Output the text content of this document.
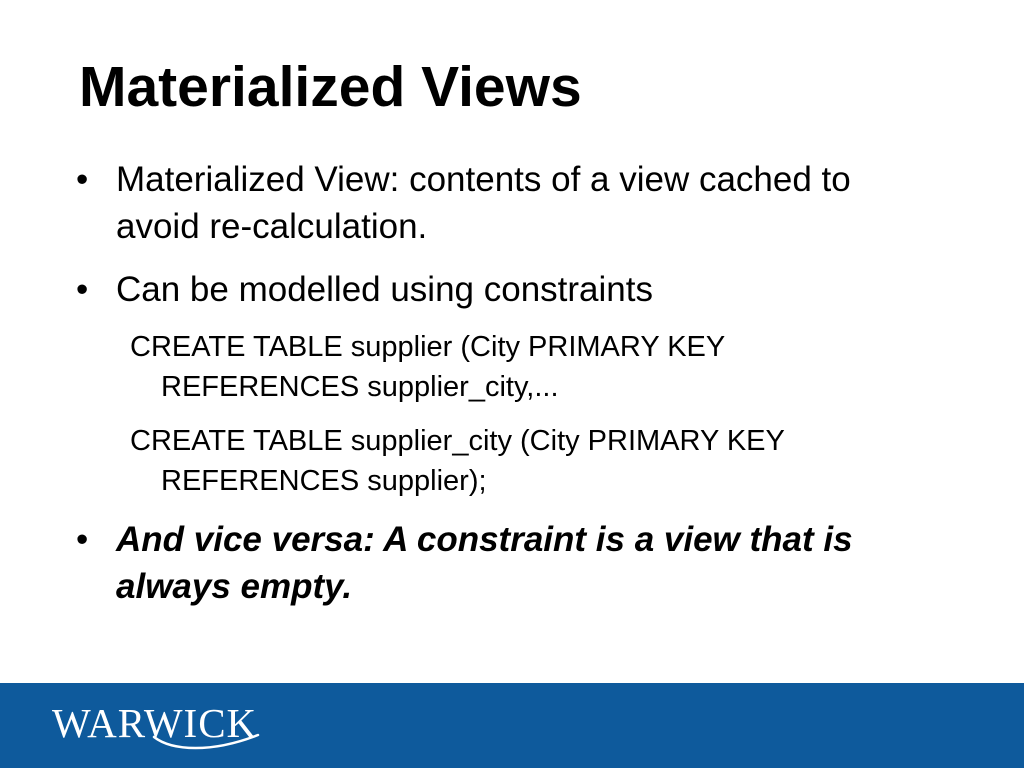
Materialized Views
• Materialized View: contents of a view cached to avoid re-calculation.
• Can be modelled using constraints
• And vice versa: A constraint is a view that is always empty.
CREATE TABLE supplier (City PRIMARY KEY
REFERENCES supplier_city,...
CREATE TABLE supplier_city (City PRIMARY KEY
REFERENCES supplier);
WARWICK
